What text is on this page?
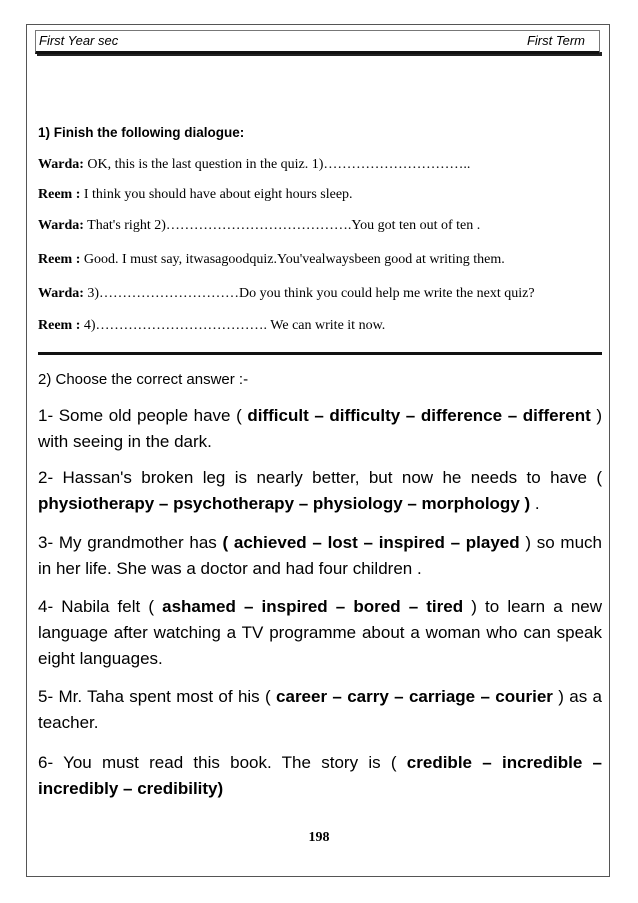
First Year sec	First Term
1) Finish the following dialogue:
Warda: OK, this is the last question in the quiz. 1)…………………………..
Reem : I think you should have about eight hours sleep.
Warda: That's right 2)………………………………….You got ten out of ten .
Reem : Good. I must say, itwasagoodquiz.You'vealwaysbeen good at writing them.
Warda: 3)…………………………Do you think you could help me write the next quiz?
Reem : 4)………………………………. We can write it now.
2) Choose the correct answer :-
1- Some old people have ( difficult – difficulty – difference – different ) with seeing in the dark.
2- Hassan's broken leg is nearly better, but now he needs to have ( physiotherapy – psychotherapy – physiology – morphology ) .
3- My grandmother has ( achieved – lost – inspired – played ) so much in her life. She was a doctor and had four children .
4- Nabila felt ( ashamed – inspired – bored – tired ) to learn a new language after watching a TV programme about a woman who can speak eight languages.
5- Mr. Taha spent most of his ( career – carry – carriage – courier ) as a teacher.
6- You must read this book. The story is ( credible – incredible – incredibly – credibility)
198
